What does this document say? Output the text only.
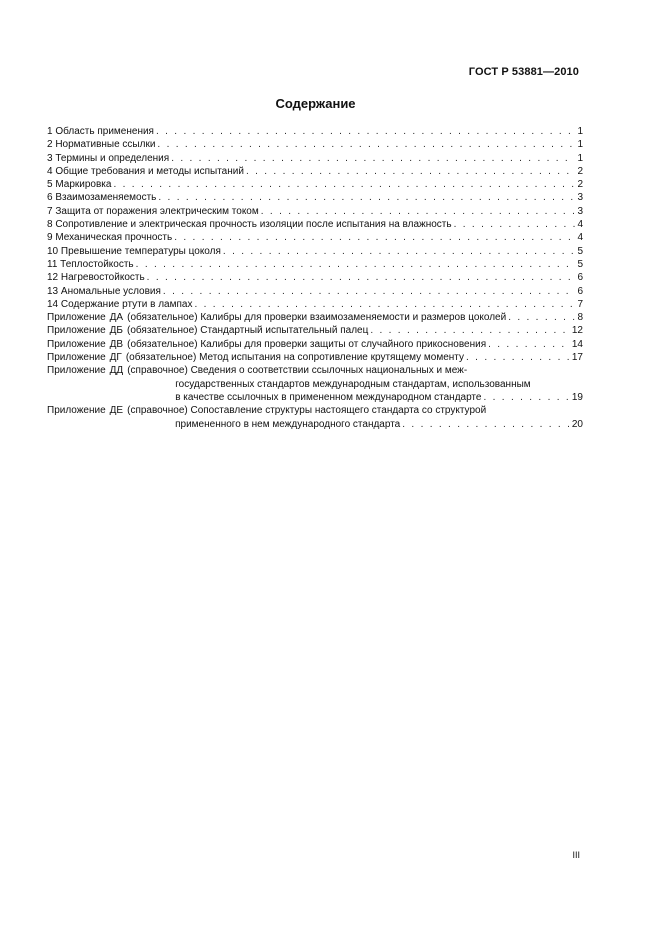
ГОСТ Р 53881—2010
Содержание
1 Область применения . . .	1
2 Нормативные ссылки . . .	1
3 Термины и определения . . .	1
4 Общие требования и методы испытаний . . .	2
5 Маркировка . . .	2
6 Взаимозаменяемость . . .	3
7 Защита от поражения электрическим током . . .	3
8 Сопротивление и электрическая прочность изоляции после испытания на влажность . . .	4
9 Механическая прочность . . .	4
10 Превышение температуры цоколя . . .	5
11 Теплостойкость . . .	5
12 Нагревостойкость . . .	6
13 Аномальные условия . . .	6
14 Содержание ртути в лампах . . .	7
Приложение ДА (обязательное) Калибры для проверки взаимозаменяемости и размеров цоколей . . .	8
Приложение ДБ (обязательное) Стандартный испытательный палец . . .	12
Приложение ДВ (обязательное) Калибры для проверки защиты от случайного прикосновения . . .	14
Приложение ДГ (обязательное) Метод испытания на сопротивление крутящему моменту . . .	17
Приложение ДД (справочное) Сведения о соответствии ссылочных национальных и меж-
государственных стандартов международным стандартам, использованным
в качестве ссылочных в примененном международном стандарте . . .	19
Приложение ДЕ (справочное) Сопоставление структуры настоящего стандарта со структурой
примененного в нем международного стандарта . . .	20
III
